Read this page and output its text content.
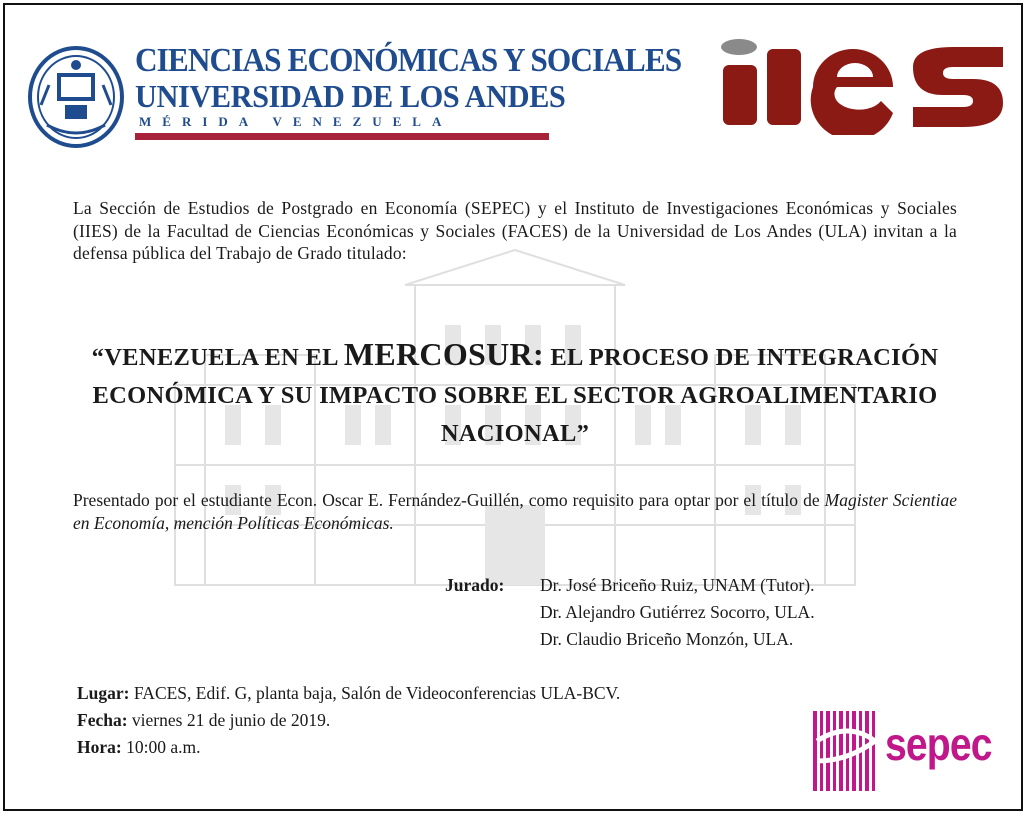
CIENCIAS ECONÓMICAS Y SOCIALES
UNIVERSIDAD DE LOS ANDES
MÉRIDA VENEZUELA
La Sección de Estudios de Postgrado en Economía (SEPEC) y el Instituto de Investigaciones Económicas y Sociales (IIES) de la Facultad de Ciencias Económicas y Sociales (FACES) de la Universidad de Los Andes (ULA) invitan a la defensa pública del Trabajo de Grado titulado:
“VENEZUELA EN EL MERCOSUR: EL PROCESO DE INTEGRACIÓN ECONÓMICA Y SU IMPACTO SOBRE EL SECTOR AGROALIMENTARIO NACIONAL”
Presentado por el estudiante Econ. Oscar E. Fernández-Guillén, como requisito para optar por el título de Magister Scientiae en Economía, mención Políticas Económicas.
Jurado:	Dr. José Briceño Ruiz, UNAM (Tutor).
Dr. Alejandro Gutiérrez Socorro, ULA.
Dr. Claudio Briceño Monzón, ULA.
Lugar: FACES, Edif. G, planta baja, Salón de Videoconferencias ULA-BCV.
Fecha: viernes 21 de junio de 2019.
Hora: 10:00 a.m.	sepec
